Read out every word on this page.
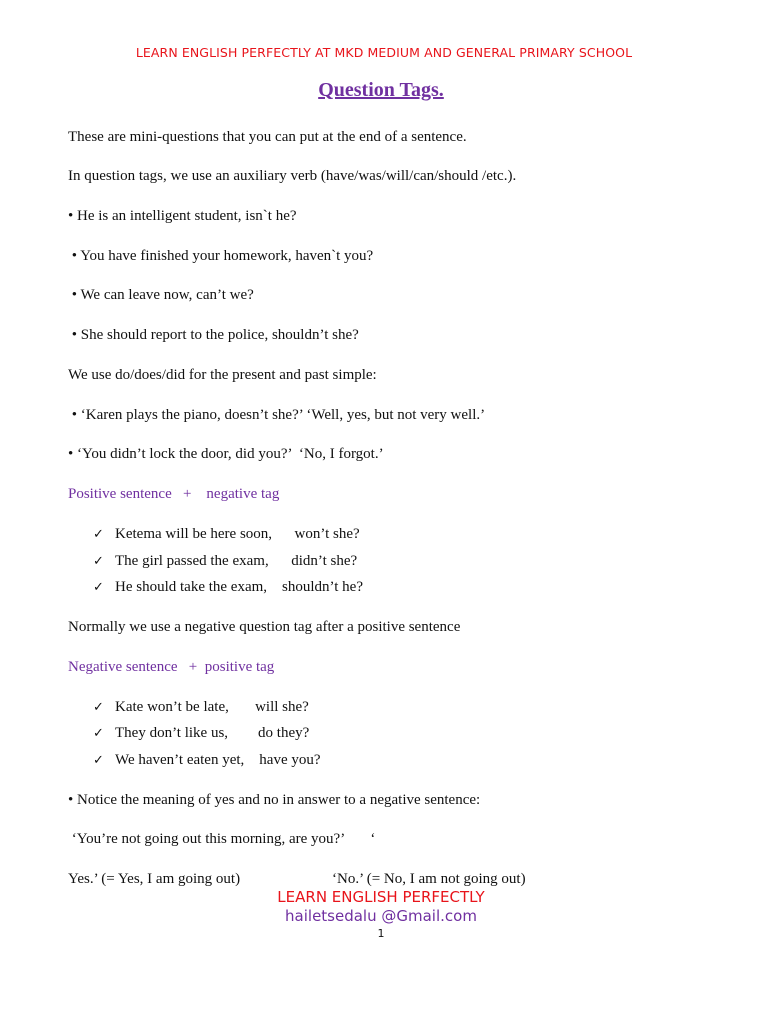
LEARN ENGLISH PERFECTLY AT MKD MEDIUM AND GENERAL PRIMARY SCHOOL
Question Tags.
These are mini-questions that you can put at the end of a sentence.
In question tags, we use an auxiliary verb (have/was/will/can/should /etc.).
• He is an intelligent student, isn`t he?
• You have finished your homework, haven`t you?
• We can leave now, can’t we?
• She should report to the police, shouldn’t she?
We use do/does/did for the present and past simple:
• ‘Karen plays the piano, doesn’t she?’ ‘Well, yes, but not very well.’
• ‘You didn’t lock the door, did you?’  ‘No, I forgot.’
Positive sentence   +    negative tag
✓ Ketema will be here soon,      won’t she?
✓ The girl passed the exam,      didn’t she?
✓ He should take the exam,    shouldn’t he?
Normally we use a negative question tag after a positive sentence
Negative sentence   +  positive tag
✓ Kate won’t be late,       will she?
✓ They don’t like us,        do they?
✓ We haven’t eaten yet,    have you?
• Notice the meaning of yes and no in answer to a negative sentence:
‘You’re not going out this morning, are you?’       ‘
Yes.’ (= Yes, I am going out)	‘No.’ (= No, I am not going out)
LEARN ENGLISH PERFECTLY
hailetsedalu @Gmail.com
1
